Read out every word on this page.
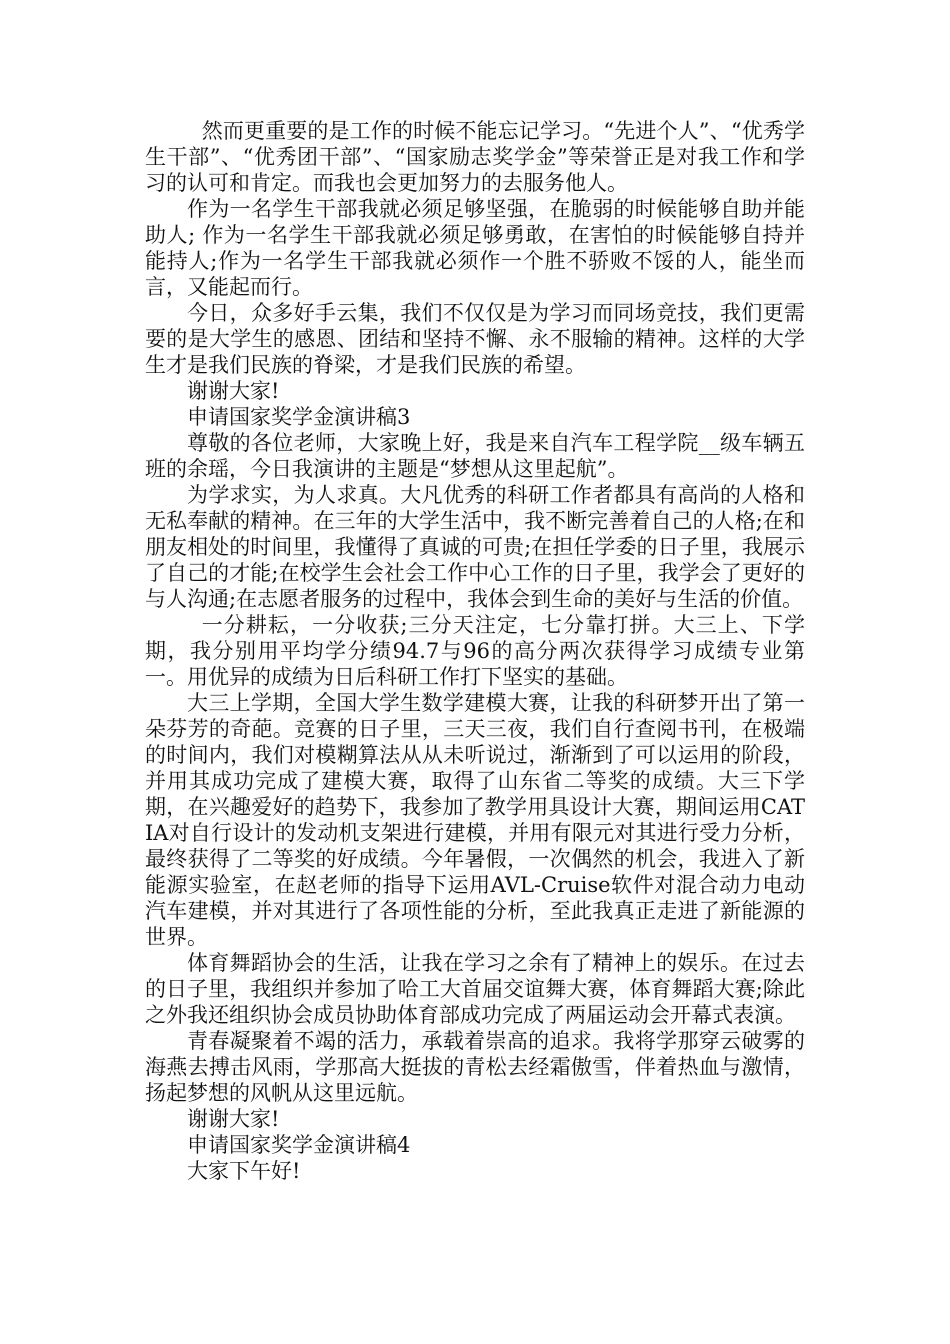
然而更重要的是工作的时候不能忘记学习。“先进个人”、“优秀学生干部”、“优秀团干部”、“国家励志奖学金”等荣誉正是对我工作和学习的认可和肯定。而我也会更加努力的去服务他人。

作为一名学生干部我就必须足够坚强，在脆弱的时候能够自助并能助人; 作为一名学生干部我就必须足够勇敢，在害怕的时候能够自持并能持人;作为一名学生干部我就必须作一个胜不骄败不馁的人，能坐而言，又能起而行。

今日，众多好手云集，我们不仅仅是为学习而同场竞技，我们更需要的是大学生的感恩、团结和坚持不懈、永不服输的精神。这样的大学生才是我们民族的脊梁，才是我们民族的希望。

谢谢大家!

申请国家奖学金演讲稿3

尊敬的各位老师，大家晚上好，我是来自汽车工程学院__级车辆五班的余瑶，今日我演讲的主题是“梦想从这里起航”。

为学求实，为人求真。大凡优秀的科研工作者都具有高尚的人格和无私奉献的精神。在三年的大学生活中，我不断完善着自己的人格;在和朋友相处的时间里，我懂得了真诚的可贵;在担任学委的日子里，我展示了自己的才能;在校学生会社会工作中心工作的日子里，我学会了更好的与人沟通;在志愿者服务的过程中，我体会到生命的美好与生活的价值。

一分耕耘，一分收获;三分天注定，七分靠打拼。大三上、下学期，我分别用平均学分绩94.7与96的高分两次获得学习成绩专业第一。用优异的成绩为日后科研工作打下坚实的基础。

大三上学期，全国大学生数学建模大赛，让我的科研梦开出了第一朵芬芳的奇葩。竞赛的日子里，三天三夜，我们自行查阅书刊，在极端的时间内，我们对模糊算法从从未听说过，渐渐到了可以运用的阶段，并用其成功完成了建模大赛，取得了山东省二等奖的成绩。大三下学期，在兴趣爱好的趋势下，我参加了教学用具设计大赛，期间运用CATIA对自行设计的发动机支架进行建模，并用有限元对其进行受力分析，最终获得了二等奖的好成绩。今年暑假，一次偶然的机会，我进入了新能源实验室，在赵老师的指导下运用AVL-Cruise软件对混合动力电动汽车建模，并对其进行了各项性能的分析，至此我真正走进了新能源的世界。

体育舞蹈协会的生活，让我在学习之余有了精神上的娱乐。在过去的日子里，我组织并参加了哈工大首届交谊舞大赛，体育舞蹈大赛;除此之外我还组织协会成员协助体育部成功完成了两届运动会开幕式表演。

青春凝聚着不竭的活力，承载着崇高的追求。我将学那穿云破雾的海燕去搏击风雨，学那高大挺拔的青松去经霜傲雪，伴着热血与激情，扬起梦想的风帆从这里远航。

谢谢大家!

申请国家奖学金演讲稿4

大家下午好!
